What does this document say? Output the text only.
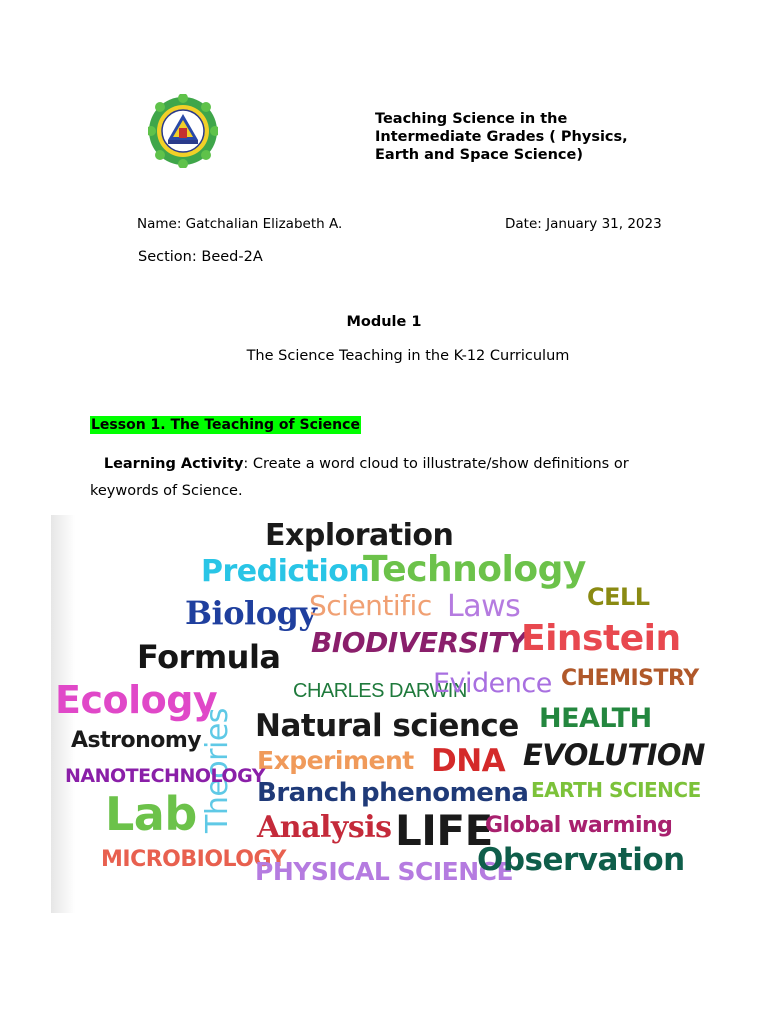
Teaching Science in the
Intermediate Grades ( Physics,
Earth and Space Science)
Name: Gatchalian Elizabeth A.	Date: January 31, 2023
Section: Beed-2A
Module 1
The Science Teaching in the K-12 Curriculum
Lesson 1. The Teaching of Science
Learning Activity: Create a word cloud to illustrate/show definitions or keywords of Science.
Exploration
Prediction
Technology
CELL
Biology
Scientific Laws
BIODIVERSITY
Einstein
Formula
CHARLES DARWIN
Evidence CHEMISTRY
Ecology
Theories Natural science HEALTH
Astronomy
Experiment DNA EVOLUTION
NANOTECHNOLOGY
Branch phenomena EARTH SCIENCE
Lab Analysis LIFE
Global warming
MICROBIOLOGY
PHYSICAL SCIENCE
Observation
